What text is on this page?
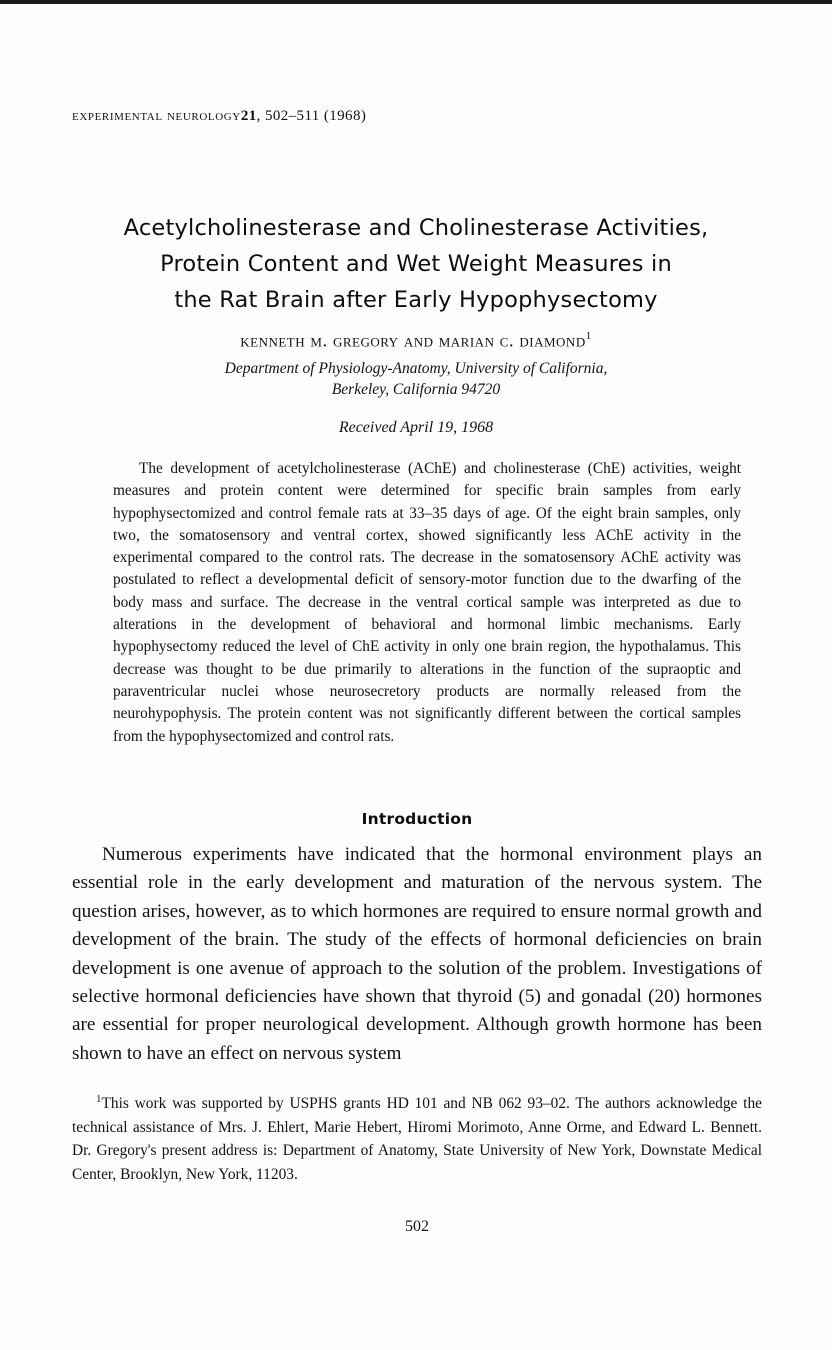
experimental neurology21, 502–511 (1968)
Acetylcholinesterase and Cholinesterase Activities,
Protein Content and Wet Weight Measures in
the Rat Brain after Early Hypophysectomy
kenneth m. gregory and marian c. diamond$^1$
Department of Physiology-Anatomy, University of California,
Berkeley, California 94720
Received April 19, 1968
The development of acetylcholinesterase (AChE) and cholinesterase (ChE) activities, weight measures and protein content were determined for specific brain samples from early hypophysectomized and control female rats at 33–35 days of age. Of the eight brain samples, only two, the somatosensory and ventral cortex, showed significantly less AChE activity in the experimental compared to the control rats. The decrease in the somatosensory AChE activity was postulated to reflect a developmental deficit of sensory-motor function due to the dwarfing of the body mass and surface. The decrease in the ventral cortical sample was interpreted as due to alterations in the development of behavioral and hormonal limbic mechanisms. Early hypophysectomy reduced the level of ChE activity in only one brain region, the hypothalamus. This decrease was thought to be due primarily to alterations in the function of the supraoptic and paraventricular nuclei whose neurosecretory products are normally released from the neurohypophysis. The protein content was not significantly different between the cortical samples from the hypophysectomized and control rats.
Introduction
Numerous experiments have indicated that the hormonal environment plays an essential role in the early development and maturation of the nervous system. The question arises, however, as to which hormones are required to ensure normal growth and development of the brain. The study of the effects of hormonal deficiencies on brain development is one avenue of approach to the solution of the problem. Investigations of selective hormonal deficiencies have shown that thyroid (5) and gonadal (20) hormones are essential for proper neurological development. Although growth hormone has been shown to have an effect on nervous system
$^1$This work was supported by USPHS grants HD 101 and NB 062 93–02. The authors acknowledge the technical assistance of Mrs. J. Ehlert, Marie Hebert, Hiromi Morimoto, Anne Orme, and Edward L. Bennett. Dr. Gregory's present address is: Department of Anatomy, State University of New York, Downstate Medical Center, Brooklyn, New York, 11203.
502
